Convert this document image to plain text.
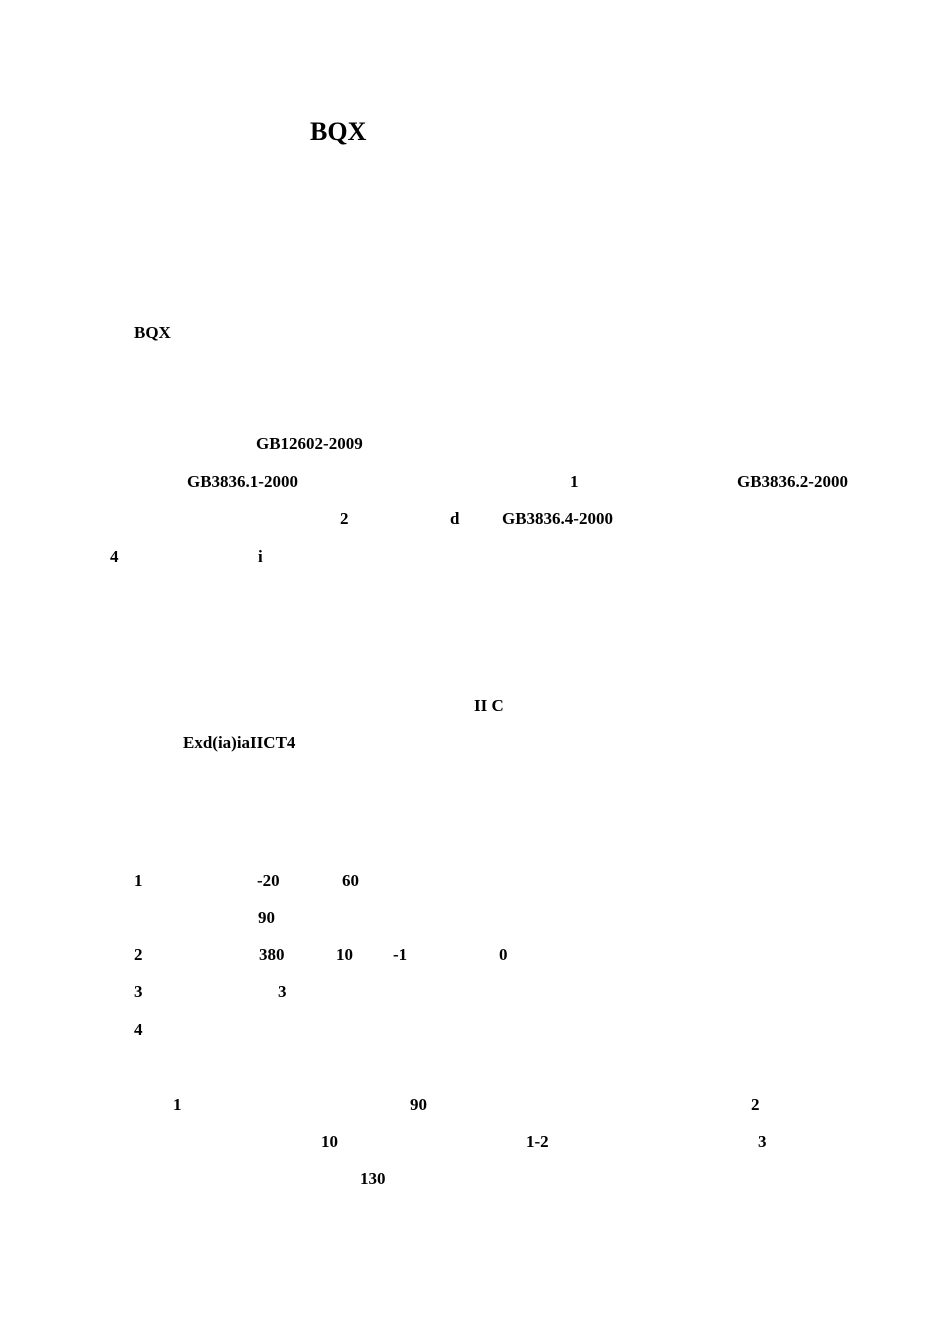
BQX
BQX
GB12602-2009
GB3836.1-2000	1	GB3836.2-2000
2	d	GB3836.4-2000
4	i
II C
Exd(ia)iaIICT4
1	-20	60
90
2	380	10 -1	0
3	3
4
1	90	2
10	1-2	3
130
